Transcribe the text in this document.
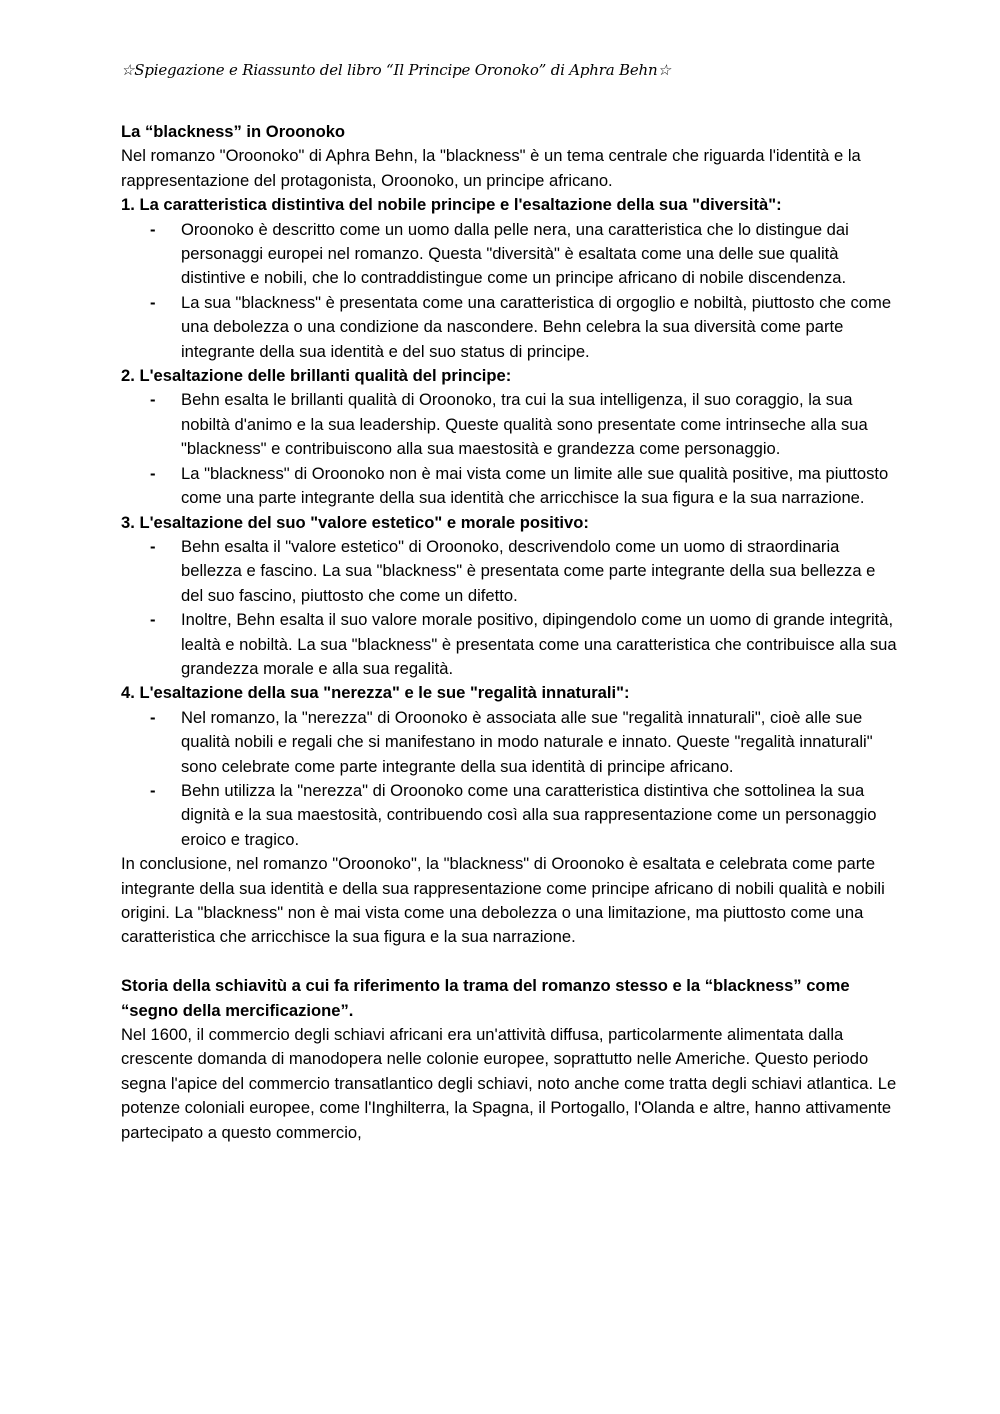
☆Spiegazione e Riassunto del libro “Il Principe Oronoko” di Aphra Behn☆

La “blackness” in Oroonoko

Nel romanzo "Oroonoko" di Aphra Behn, la "blackness" è un tema centrale che riguarda l'identità e la rappresentazione del protagonista, Oroonoko, un principe africano.

1. La caratteristica distintiva del nobile principe e l'esaltazione della sua "diversità":

- Oroonoko è descritto come un uomo dalla pelle nera, una caratteristica che lo distingue dai personaggi europei nel romanzo. Questa "diversità" è esaltata come una delle sue qualità distintive e nobili, che lo contraddistingue come un principe africano di nobile discendenza.
- La sua "blackness" è presentata come una caratteristica di orgoglio e nobiltà, piuttosto che come una debolezza o una condizione da nascondere. Behn celebra la sua diversità come parte integrante della sua identità e del suo status di principe.

2. L'esaltazione delle brillanti qualità del principe:

- Behn esalta le brillanti qualità di Oroonoko, tra cui la sua intelligenza, il suo coraggio, la sua nobiltà d'animo e la sua leadership. Queste qualità sono presentate come intrinseche alla sua "blackness" e contribuiscono alla sua maestosità e grandezza come personaggio.
- La "blackness" di Oroonoko non è mai vista come un limite alle sue qualità positive, ma piuttosto come una parte integrante della sua identità che arricchisce la sua figura e la sua narrazione.

3. L'esaltazione del suo "valore estetico" e morale positivo:

- Behn esalta il "valore estetico" di Oroonoko, descrivendolo come un uomo di straordinaria bellezza e fascino. La sua "blackness" è presentata come parte integrante della sua bellezza e del suo fascino, piuttosto che come un difetto.
- Inoltre, Behn esalta il suo valore morale positivo, dipingendolo come un uomo di grande integrità, lealtà e nobiltà. La sua "blackness" è presentata come una caratteristica che contribuisce alla sua grandezza morale e alla sua regalità.

4. L'esaltazione della sua "nerezza" e le sue "regalità innaturali":

- Nel romanzo, la "nerezza" di Oroonoko è associata alle sue "regalità innaturali", cioè alle sue qualità nobili e regali che si manifestano in modo naturale e innato. Queste "regalità innaturali" sono celebrate come parte integrante della sua identità di principe africano.
- Behn utilizza la "nerezza" di Oroonoko come una caratteristica distintiva che sottolinea la sua dignità e la sua maestosità, contribuendo così alla sua rappresentazione come un personaggio eroico e tragico.

In conclusione, nel romanzo "Oroonoko", la "blackness" di Oroonoko è esaltata e celebrata come parte integrante della sua identità e della sua rappresentazione come principe africano di nobili qualità e nobili origini. La "blackness" non è mai vista come una debolezza o una limitazione, ma piuttosto come una caratteristica che arricchisce la sua figura e la sua narrazione.

Storia della schiavitù a cui fa riferimento la trama del romanzo stesso e la “blackness” come “segno della mercificazione”.

Nel 1600, il commercio degli schiavi africani era un'attività diffusa, particolarmente alimentata dalla crescente domanda di manodopera nelle colonie europee, soprattutto nelle Americhe. Questo periodo segna l'apice del commercio transatlantico degli schiavi, noto anche come tratta degli schiavi atlantica. Le potenze coloniali europee, come l'Inghilterra, la Spagna, il Portogallo, l'Olanda e altre, hanno attivamente partecipato a questo commercio,
